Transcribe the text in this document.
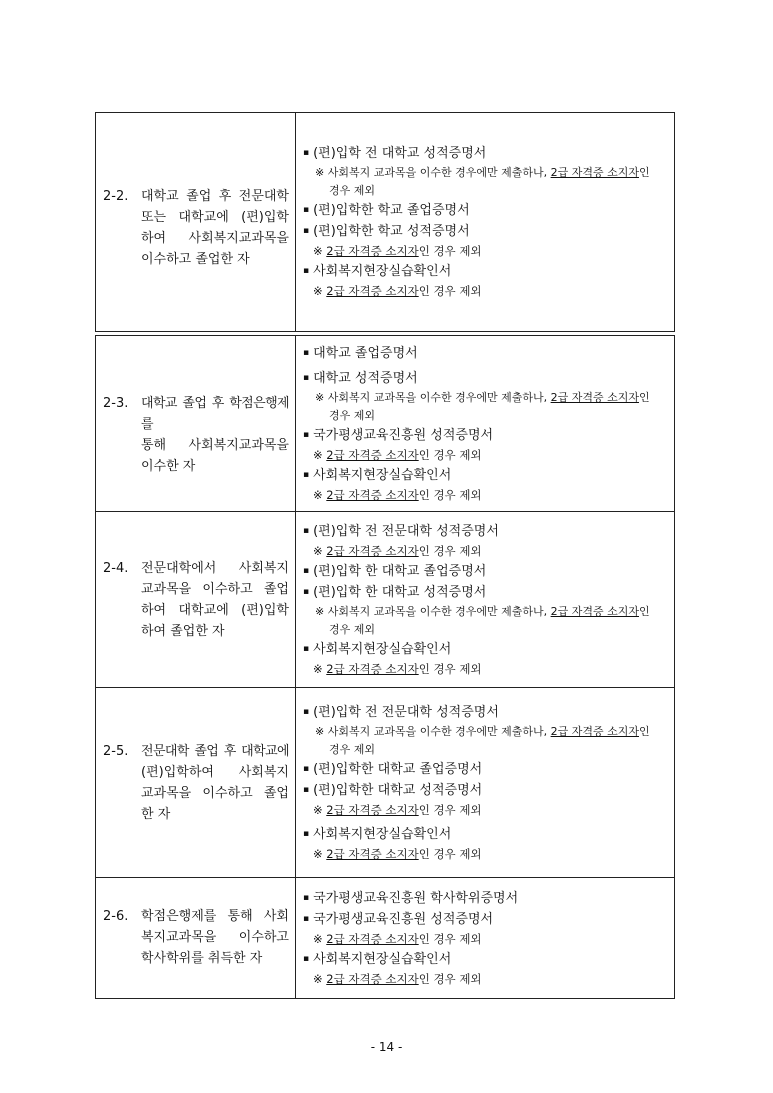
2-2. 대학교 졸업 후 전문대학
또는 대학교에 (편)입학
하여 사회복지교과목을
이수하고 졸업한 자
▪ (편)입학 전 대학교 성적증명서
※ 사회복지 교과목을 이수한 경우에만 제출하나, 2급 자격증 소지자인
경우 제외
▪ (편)입학한 학교 졸업증명서
▪ (편)입학한 학교 성적증명서
※ 2급 자격증 소지자인 경우 제외
▪ 사회복지현장실습확인서
※ 2급 자격증 소지자인 경우 제외
2-3. 대학교 졸업 후 학점은행제를
통해 사회복지교과목을
이수한 자
▪ 대학교 졸업증명서
▪ 대학교 성적증명서
※ 사회복지 교과목을 이수한 경우에만 제출하나, 2급 자격증 소지자인
경우 제외
▪ 국가평생교육진흥원 성적증명서
※ 2급 자격증 소지자인 경우 제외
▪ 사회복지현장실습확인서
※ 2급 자격증 소지자인 경우 제외
2-4. 전문대학에서 사회복지
교과목을 이수하고 졸업
하여 대학교에 (편)입학
하여 졸업한 자
▪ (편)입학 전 전문대학 성적증명서
※ 2급 자격증 소지자인 경우 제외
▪ (편)입학 한 대학교 졸업증명서
▪ (편)입학 한 대학교 성적증명서
※ 사회복지 교과목을 이수한 경우에만 제출하나, 2급 자격증 소지자인
경우 제외
▪ 사회복지현장실습확인서
※ 2급 자격증 소지자인 경우 제외
2-5. 전문대학 졸업 후 대학교에
(편)입학하여 사회복지
교과목을 이수하고 졸업
한 자
▪ (편)입학 전 전문대학 성적증명서
※ 사회복지 교과목을 이수한 경우에만 제출하나, 2급 자격증 소지자인
경우 제외
▪ (편)입학한 대학교 졸업증명서
▪ (편)입학한 대학교 성적증명서
※ 2급 자격증 소지자인 경우 제외
▪ 사회복지현장실습확인서
※ 2급 자격증 소지자인 경우 제외
2-6. 학점은행제를 통해 사회
복지교과목을 이수하고
학사학위를 취득한 자
▪ 국가평생교육진흥원 학사학위증명서
▪ 국가평생교육진흥원 성적증명서
※ 2급 자격증 소지자인 경우 제외
▪ 사회복지현장실습확인서
※ 2급 자격증 소지자인 경우 제외
- 14 -
